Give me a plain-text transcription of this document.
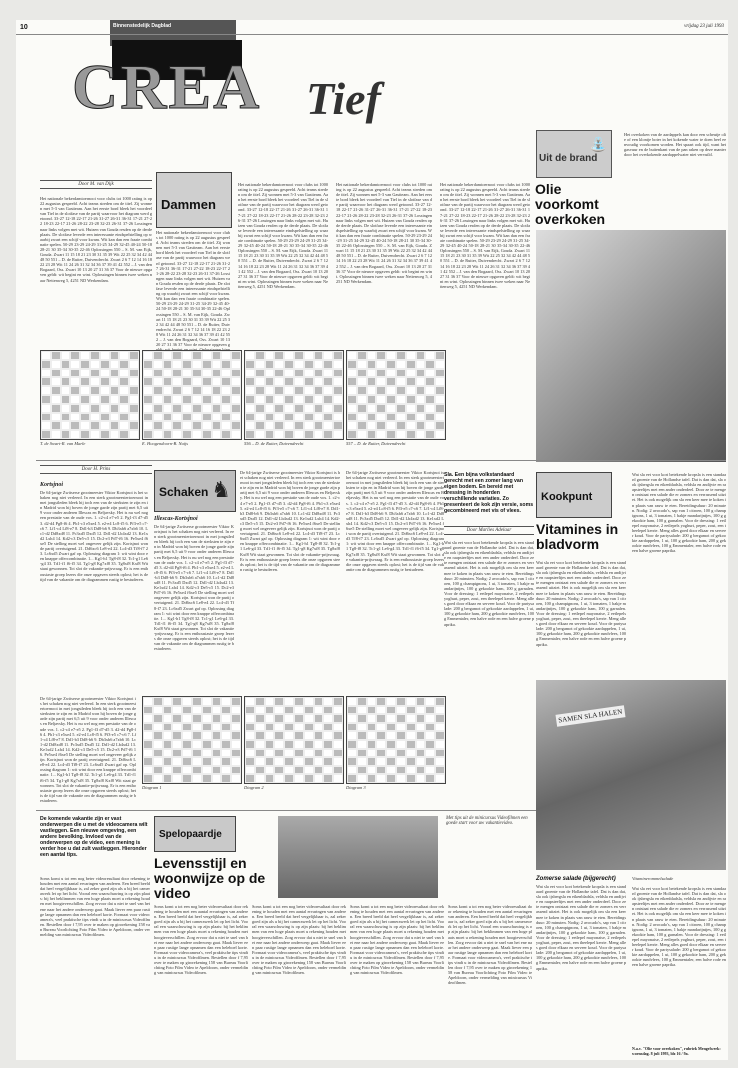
10	Binnenstedelijk Dagblad	vrijdag 23 juli 1993
CREA Tief
Uit de brand
⛲
Olie voorkomt overkoken
Het overkoken van de aardappels kan door een scheutje olie of een klontje boter in het kokende water te doen heel eenvoudig voorkomen worden. Het spaart ook tijd, want het gasvuur en de buitenkant van de pan raken op deze manier door het overkokende aardappelwater niet vervuild.
Door M. van Dijk
Dammen
Het nationale bekerdamtoernooi voor clubs tot 1000 rating is op 22 augustus gespeeld. Acht teams streden om de titel. Zij wonnen met 5-3 van Gastteam. Aan het eerste bord bleek het voordeel van Tiel in de slotfase van de partij waarvoor het diagram werd getoond. 33-27 12-18 22-17 21-26 31-27 26-31 36-31 17-21 27-22 18-23 22-17 21-26 28-22 23-28 32-23 26-31 37-26 Lossingen naar links volgen met wit. Huizen van Gouda resden op de derde plaats. De slotfase leverde een interessante eindspelstelling op waarbij zwart een schijf voor kwam. Wit kan dan een fraaie combinatie spelen. 50-29 23-29 24-29 31-25 34-29 32-45 40-24 50-18 28-21 30 35-34 30-35 22-46 Oplossingen 550 – S. M. van Eijk, Gouda. Zwart 11 15 18 21 23 30 31 35 39 Wit 22 25 32 34 42 44 48 50 551 – D. de Ruiter, Duivendrecht. Zwart 2 6 7 12 14 16 18 22 23 28 Wit 11 24 26 31 32 34 36 37 39 41 42 552 – J. van den Bogaard, Oss. Zwart 10 13 20 27 31 36 37 Voor de nieuwe opgaven geldt: wit begint en wint. Oplossingen binnen twee weken naar Nettenweg 5, 4251 ND Werkendam.
Het nationale bekerdamtoernooi voor clubs tot 1000 rating is op 22 augustus gespeeld. Acht teams streden om de titel. Zij wonnen met 5-3 van Gastteam. Aan het eerste bord bleek het voordeel van Tiel in de slotfase van de partij waarvoor het diagram werd getoond. 33-27 12-18 22-17 21-26 31-27 26-31 36-31 17-21 27-22 18-23 22-17 21-26 28-22 23-28 32-23 26-31 37-26 Lossingen naar links volgen met wit. Huizen van Gouda resden op de derde plaats. De slotfase leverde een interessante eindspelstelling op waarbij zwart een schijf voor kwam. Wit kan dan een fraaie combinatie spelen. 50-29 23-29 24-29 31-25 34-29 32-45 40-24 50-18 28-21 30 35-34 30-35 22-46 Oplossingen 550 – S. M. van Eijk, Gouda. Zwart 11 15 18 21 23 30 31 35 39 Wit 22 25 32 34 42 44 48 50 551 – D. de Ruiter, Duivendrecht. Zwart 2 6 7 12 14 16 18 22 23 28 Wit 11 24 26 31 32 34 36 37 39 41 42 552 – J. van den Bogaard, Oss. Zwart 10 13 20 27 31 36 37 Voor de nieuwe opgaven g
Het nationale bekerdamtoernooi voor clubs tot 1000 rating is op 22 augustus gespeeld. Acht teams streden om de titel. Zij wonnen met 5-3 van Gastteam. Aan het eerste bord bleek het voordeel van Tiel in de slotfase van de partij waarvoor het diagram werd getoond. 33-27 12-18 22-17 21-26 31-27 26-31 36-31 17-21 27-22 18-23 22-17 21-26 28-22 23-28 32-23 26-31 37-26 Lossingen naar links volgen met wit. Huizen van Gouda resden op de derde plaats. De slotfase leverde een interessante eindspelstelling op waarbij zwart een schijf voor kwam. Wit kan dan een fraaie combinatie spelen. 50-29 23-29 24-29 31-25 34-29 32-45 40-24 50-18 28-21 30 35-34 30-35 22-46 Oplossingen 550 – S. M. van Eijk, Gouda. Zwart 11 15 18 21 23 30 31 35 39 Wit 22 25 32 34 42 44 48 50 551 – D. de Ruiter, Duivendrecht. Zwart 2 6 7 12 14 16 18 22 23 28 Wit 11 24 26 31 32 34 36 37 39 41 42 552 – J. van den Bogaard, Oss. Zwart 10 13 20 27 31 36 37 Voor de nieuwe opgaven geldt: wit begint en wint. Oplossingen binnen twee weken naar Nettenweg 5, 4251 ND Werkendam.
Het nationale bekerdamtoernooi voor clubs tot 1000 rating is op 22 augustus gespeeld. Acht teams streden om de titel. Zij wonnen met 5-3 van Gastteam. Aan het eerste bord bleek het voordeel van Tiel in de slotfase van de partij waarvoor het diagram werd getoond. 33-27 12-18 22-17 21-26 31-27 26-31 36-31 17-21 27-22 18-23 22-17 21-26 28-22 23-28 32-23 26-31 37-26 Lossingen naar links volgen met wit. Huizen van Gouda resden op de derde plaats. De slotfase leverde een interessante eindspelstelling op waarbij zwart een schijf voor kwam. Wit kan dan een fraaie combinatie spelen. 50-29 23-29 24-29 31-25 34-29 32-45 40-24 50-18 28-21 30 35-34 30-35 22-46 Oplossingen 550 – S. M. van Eijk, Gouda. Zwart 11 15 18 21 23 30 31 35 39 Wit 22 25 32 34 42 44 48 50 551 – D. de Ruiter, Duivendrecht. Zwart 2 6 7 12 14 16 18 22 23 28 Wit 11 24 26 31 32 34 36 37 39 41 42 552 – J. van den Bogaard, Oss. Zwart 10 13 20 27 31 36 37 Voor de nieuwe opgaven geldt: wit begint en wint. Oplossingen binnen twee weken naar Nettenweg 5, 4251 ND Werkendam.
Het nationale bekerdamtoernooi voor clubs tot 1000 rating is op 22 augustus gespeeld. Acht teams streden om de titel. Zij wonnen met 5-3 van Gastteam. Aan het eerste bord bleek het voordeel van Tiel in de slotfase van de partij waarvoor het diagram werd getoond. 33-27 12-18 22-17 21-26 31-27 26-31 36-31 17-21 27-22 18-23 22-17 21-26 28-22 23-28 32-23 26-31 37-26 Lossingen naar links volgen met wit. Huizen van Gouda resden op de derde plaats. De slotfase leverde een interessante eindspelstelling op waarbij zwart een schijf voor kwam. Wit kan dan een fraaie combinatie spelen. 50-29 23-29 24-29 31-25 34-29 32-45 40-24 50-18 28-21 30 35-34 30-35 22-46 Oplossingen 550 – S. M. van Eijk, Gouda. Zwart 11 15 18 21 23 30 31 35 39 Wit 22 25 32 34 42 44 48 50 551 – D. de Ruiter, Duivendrecht. Zwart 2 6 7 12 14 16 18 22 23 28 Wit 11 24 26 31 32 34 36 37 39 41 42 552 – J. van den Bogaard, Oss. Zwart 10 13 20 27 31 36 37 Voor de nieuwe opgaven geldt: wit begint en wint. Oplossingen binnen twee weken naar Nettenweg 5, 4251 ND Werkendam.
T. de Swart-R. van Marle	E. Hoogendoorn-B. Nuijs	556 – D. de Ruiter, Duivendrecht	557 – D. de Ruiter, Duivendrecht
Door H. Prins
Schaken ♞
Kortsjnoi
De 64-jarige Zwitserse grootmeester Viktor Kortsjnoi is het schaken nog niet verleerd. In een sterk grootmeestertoernooi in mei jongstleden bleek hij toch een van de sterksten te zijn en in Madrid won hij boven de jonge garde zijn partij met 6,5 uit 9 voor onder anderen Illescas en Beljavsky. Het is nu wel nog een prestatie van de oude vos. 1. c2-c4 e7-e5 2. Pg1-f3 d7-d5 3. d2-d4 Pg8-f6 4. Pb1-c3 e5xe4 5. e2-e4 Lc8-f5 6. Pf3-e5 c7-c6 7. Lf1-c4 Lf8-e7 8. Dd1-b3 Dd8-b6 9. Db3xb6 a7xb6 10. Lc1-d2 Dd8xd8 11. Pc3xd5 Dxd5 12. Dd1-d2 Lb4xd2 13. Ke1xd2 Lxh4 14. Kd2-c3 De5-c5 15. Dc2-e3 Pd7-f6 16. Pe5xe4 f6xe5 De stelling moet wel ongeveer gelijk zijn. Kortsjnoi won de partij overtuigend. 21. Dd6xc6 Le8-e4 22. Lc4-d3 Tf8-f7 23. Lc6xd5 Zwart gaf op. Oplossing diagram 1: wit wint door een knappe offercombinatie. 1... Kg1-h1 Tg8-f8 32. Tc1-g1 Le6-g4 33. Td1-f1 f6-f5 34. Tg1-g8 Kg7xf8 35. Tg8xf8 Kxf8 Wit staat gewonnen. Tot slot de vakantie-prijsvraag. Er is een enthousiaste groep lezers die onze opgaven steeds oplost; het is de tijd van de vakantie om de diagrammen rustig te bestuderen.
Illescas-Kortsjnoi
De 64-jarige Zwitserse grootmeester Viktor Kortsjnoi is het schaken nog niet verleerd. In een sterk grootmeestertoernooi in mei jongstleden bleek hij toch een van de sterksten te zijn en in Madrid won hij boven de jonge garde zijn partij met 6,5 uit 9 voor onder anderen Illescas en Beljavsky. Het is nu wel nog een prestatie van de oude vos. 1. c2-c4 e7-e5 2. Pg1-f3 d7-d5 3. d2-d4 Pg8-f6 4. Pb1-c3 e5xe4 5. e2-e4 Lc8-f5 6. Pf3-e5 c7-c6 7. Lf1-c4 Lf8-e7 8. Dd1-b3 Dd8-b6 9. Db3xb6 a7xb6 10. Lc1-d2 Dd8xd8 11. Pc3xd5 Dxd5 12. Dd1-d2 Lb4xd2 13. Ke1xd2 Lxh4 14. Kd2-c3 De5-c5 15. Dc2-e3 Pd7-f6 16. Pe5xe4 f6xe5 De stelling moet wel ongeveer gelijk zijn. Kortsjnoi won de partij overtuigend. 21. Dd6xc6 Le8-e4 22. Lc4-d3 Tf8-f7 23. Lc6xd5 Zwart gaf op. Oplossing diagram 1: wit wint door een knappe offercombinatie. 1... Kg1-h1 Tg8-f8 32. Tc1-g1 Le6-g4 33. Td1-f1 f6-f5 34. Tg1-g8 Kg7xf8 35. Tg8xf8 Kxf8 Wit staat gewonnen. Tot slot de vakantie-prijsvraag. Er is een enthousiaste groep lezers die onze opgaven steeds oplost; het is de tijd van de vakantie om de diagrammen rustig te bestuderen.
De 64-jarige Zwitserse grootmeester Viktor Kortsjnoi is het schaken nog niet verleerd. In een sterk grootmeestertoernooi in mei jongstleden bleek hij toch een van de sterksten te zijn en in Madrid won hij boven de jonge garde zijn partij met 6,5 uit 9 voor onder anderen Illescas en Beljavsky. Het is nu wel nog een prestatie van de oude vos. 1. c2-c4 e7-e5 2. Pg1-f3 d7-d5 3. d2-d4 Pg8-f6 4. Pb1-c3 e5xe4 5. e2-e4 Lc8-f5 6. Pf3-e5 c7-c6 7. Lf1-c4 Lf8-e7 8. Dd1-b3 Dd8-b6 9. Db3xb6 a7xb6 10. Lc1-d2 Dd8xd8 11. Pc3xd5 Dxd5 12. Dd1-d2 Lb4xd2 13. Ke1xd2 Lxh4 14. Kd2-c3 De5-c5 15. Dc2-e3 Pd7-f6 16. Pe5xe4 f6xe5 De stelling moet wel ongeveer gelijk zijn. Kortsjnoi won de partij overtuigend. 21. Dd6xc6 Le8-e4 22. Lc4-d3 Tf8-f7 23. Lc6xd5 Zwart gaf op. Oplossing diagram 1: wit wint door een knappe offercombinatie. 1... Kg1-h1 Tg8-f8 32. Tc1-g1 Le6-g4 33. Td1-f1 f6-f5 34. Tg1-g8 Kg7xf8 35. Tg8xf8 Kxf8 Wit staat gewonnen. Tot slot de vakantie-prijsvraag. Er is een enthousiaste groep lezers die onze opgaven steeds oplost; het is de tijd van de vakantie om de diagrammen rustig te bestuderen.
De 64-jarige Zwitserse grootmeester Viktor Kortsjnoi is het schaken nog niet verleerd. In een sterk grootmeestertoernooi in mei jongstleden bleek hij toch een van de sterksten te zijn en in Madrid won hij boven de jonge garde zijn partij met 6,5 uit 9 voor onder anderen Illescas en Beljavsky. Het is nu wel nog een prestatie van de oude vos. 1. c2-c4 e7-e5 2. Pg1-f3 d7-d5 3. d2-d4 Pg8-f6 4. Pb1-c3 e5xe4 5. e2-e4 Lc8-f5 6. Pf3-e5 c7-c6 7. Lf1-c4 Lf8-e7 8. Dd1-b3 Dd8-b6 9. Db3xb6 a7xb6 10. Lc1-d2 Dd8xd8 11. Pc3xd5 Dxd5 12. Dd1-d2 Lb4xd2 13. Ke1xd2 Lxh4 14. Kd2-c3 De5-c5 15. Dc2-e3 Pd7-f6 16. Pe5xe4 f6xe5 De stelling moet wel ongeveer gelijk zijn. Kortsjnoi won de partij overtuigend. 21. Dd6xc6 Le8-e4 22. Lc4-d3 Tf8-f7 23. Lc6xd5 Zwart gaf op. Oplossing diagram 1: wit wint door een knappe offercombinatie. 1... Kg1-h1 Tg8-f8 32. Tc1-g1 Le6-g4 33. Td1-f1 f6-f5 34. Tg1-g8 Kg7xf8 35. Tg8xf8 Kxf8 Wit staat gewonnen. Tot slot de vakantie-prijsvraag. Er is een enthousiaste groep lezers die onze opgaven steeds oplost; het is de tijd van de vakantie om de diagrammen rustig te bestuderen.
Diagram 1	Diagram 2	Diagram 3
De 64-jarige Zwitserse grootmeester Viktor Kortsjnoi is het schaken nog niet verleerd. In een sterk grootmeestertoernooi in mei jongstleden bleek hij toch een van de sterksten te zijn en in Madrid won hij boven de jonge garde zijn partij met 6,5 uit 9 voor onder anderen Illescas en Beljavsky. Het is nu wel nog een prestatie van de oude vos. 1. c2-c4 e7-e5 2. Pg1-f3 d7-d5 3. d2-d4 Pg8-f6 4. Pb1-c3 e5xe4 5. e2-e4 Lc8-f5 6. Pf3-e5 c7-c6 7. Lf1-c4 Lf8-e7 8. Dd1-b3 Dd8-b6 9. Db3xb6 a7xb6 10. Lc1-d2 Dd8xd8 11. Pc3xd5 Dxd5 12. Dd1-d2 Lb4xd2 13. Ke1xd2 Lxh4 14. Kd2-c3 De5-c5 15. Dc2-e3 Pd7-f6 16. Pe5xe4 f6xe5 De stelling moet wel ongeveer gelijk zijn. Kortsjnoi won de partij overtuigend. 21. Dd6xc6 Le8-e4 22. Lc4-d3 Tf8-f7 23. Lc6xd5 Zwart gaf op. Oplossing diagram 1: wit wint door een knappe offercombinatie. 1... Kg1-h1 Tg8-f8 32. Tc1-g1 Le6-g4 33. Td1-f1 f6-f5 34. Tg1-g8 Kg7xf8 35. Tg8xf8 Kxf8 Wit staat gewonnen. Tot slot de vakantie-prijsvraag. Er is een enthousiaste groep lezers die onze opgaven steeds oplost; het is de tijd van de vakantie om de diagrammen rustig te bestuderen.
Sla. Een bijna volkstandaard gerecht met een zomer lang van eigen bodem. En bereid met dressing in honderden verschillende variaties. Zo presenteert de kok zijn versie, soms gecombineerd met vis of vlees.
Door Marlies Adelaar
Wat sla eet voor kort betekende kropsla is een standaard groente van de Hollandse tafel. Dat is dan dat, sla ook ijsbergsla en eikenbladsla, veldsla en andijvie en raapsteeltjes met een ander onderdeel. Door ze te mengen ontstaat een salade die er zomers en verrassend uitziet. Het is ook mogelijk om sla een keer mee te koken in plaats van rauw te eten. Bereidingsduur: 20 minuten. Nodig: 2 avocado's, sap van 1 citroen, 100 g champignons, 1 ui, 3 tomaten, 1 bakje mandarijntjes, 100 g gekookte ham, 100 g garnalen. Voor de dressing: 1 eetlepel mayonaise, 2 eetlepels yoghurt, peper, zout, een theelepel kerrie. Meng alles goed door elkaar en serveer koud. Voor de partysalade: 200 g bergamot of gekookte aardappelen, 1 ui, 100 g gekookte ham, 200 g gekookte rundvlees, 100 g Emmentaler, een halve rode en een halve groene paprika.
Kookpunt
Vitamines in bladvorm
Wat sla eet voor kort betekende kropsla is een standaard groente van de Hollandse tafel. Dat is dan dat, sla ook ijsbergsla en eikenbladsla, veldsla en andijvie en raapsteeltjes met een ander onderdeel. Door ze te mengen ontstaat een salade die er zomers en verrassend uitziet. Het is ook mogelijk om sla een keer mee te koken in plaats van rauw te eten. Bereidingsduur: 20 minuten. Nodig: 2 avocado's, sap van 1 citroen, 100 g champignons, 1 ui, 3 tomaten, 1 bakje mandarijntjes, 100 g gekookte ham, 100 g garnalen. Voor de dressing: 1 eetlepel mayonaise, 2 eetlepels yoghurt, peper, zout, een theelepel kerrie. Meng alles goed door elkaar en serveer koud. Voor de partysalade: 200 g bergamot of gekookte aardappelen, 1 ui, 100 g gekookte ham, 200 g gekookte rundvlees, 100 g Emmentaler, een halve rode en een halve groene paprika.
Wat sla eet voor kort betekende kropsla is een standaard groente van de Hollandse tafel. Dat is dan dat, sla ook ijsbergsla en eikenbladsla, veldsla en andijvie en raapsteeltjes met een ander onderdeel. Door ze te mengen ontstaat een salade die er zomers en verrassend uitziet. Het is ook mogelijk om sla een keer mee te koken in plaats van rauw te eten. Bereidingsduur: 20 minuten. Nodig: 2 avocado's, sap van 1 citroen, 100 g champignons, 1 ui, 3 tomaten, 1 bakje mandarijntjes, 100 g gekookte ham, 100 g garnalen. Voor de dressing: 1 eetlepel mayonaise, 2 eetlepels yoghurt, peper, zout, een theelepel kerrie. Meng alles goed door elkaar en serveer koud. Voor de partysalade: 200 g bergamot of gekookte aardappelen, 1 ui, 100 g gekookte ham, 200 g gekookte rundvlees, 100 g Emmentaler, een halve rode en een halve groene paprika.
SAMEN SLA HALEN
Zomerse salade (bijgerecht)
Wat sla eet voor kort betekende kropsla is een standaard groente van de Hollandse tafel. Dat is dan dat, sla ook ijsbergsla en eikenbladsla, veldsla en andijvie en raapsteeltjes met een ander onderdeel. Door ze te mengen ontstaat een salade die er zomers en verrassend uitziet. Het is ook mogelijk om sla een keer mee te koken in plaats van rauw te eten. Bereidingsduur: 20 minuten. Nodig: 2 avocado's, sap van 1 citroen, 100 g champignons, 1 ui, 3 tomaten, 1 bakje mandarijntjes, 100 g gekookte ham, 100 g garnalen. Voor de dressing: 1 eetlepel mayonaise, 2 eetlepels yoghurt, peper, zout, een theelepel kerrie. Meng alles goed door elkaar en serveer koud. Voor de partysalade: 200 g bergamot of gekookte aardappelen, 1 ui, 100 g gekookte ham, 200 g gekookte rundvlees, 100 g Emmentaler, een halve rode en een halve groene paprika.
Vitaminerommelsalade
Wat sla eet voor kort betekende kropsla is een standaard groente van de Hollandse tafel. Dat is dan dat, sla ook ijsbergsla en eikenbladsla, veldsla en andijvie en raapsteeltjes met een ander onderdeel. Door ze te mengen ontstaat een salade die er zomers en verrassend uitziet. Het is ook mogelijk om sla een keer mee te koken in plaats van rauw te eten. Bereidingsduur: 20 minuten. Nodig: 2 avocado's, sap van 1 citroen, 100 g champignons, 1 ui, 3 tomaten, 1 bakje mandarijntjes, 100 g gekookte ham, 100 g garnalen. Voor de dressing: 1 eetlepel mayonaise, 2 eetlepels yoghurt, peper, zout, een theelepel kerrie. Meng alles goed door elkaar en serveer koud. Voor de partysalade: 200 g bergamot of gekookte aardappelen, 1 ui, 100 g gekookte ham, 200 g gekookte rundvlees, 100 g Emmentaler, een halve rode en een halve groene paprika.
De komende vakantie zijn er vast onderwerpen die u met de videocamera wilt vastleggen. Een nieuwe omgeving, een andere bevolking. Invloed van de onderwerpen op de video, een mening is verder hoe u dat zult vastleggen. Hieronder een aantal tips.
Soms komt u tot een nog beter videoresultaat door rekening te houden met een aantal ervaringen van anderen. Een breed beeld dat heel vergelijkbaar is, zal zeker goed zijn als u bij het camerawerk let op het licht. Vooral een waarschuwing is op zijn plaats: bij het beklimmen van een hoge plaats moet u rekening houden met hoogteverschillen. Zorg ervoor dat u niet te snel van het ene naar het andere onderwerp gaat. Maak liever een paar rustige lange opnamen dan een heleboel korte. Formaat voor videocamera's, veel praktische tips vindt u in de minicursus Videofilmen. Bestellen door f 7,95 over te maken op girorekening 158 van Bureau Voorlichting Foto Film Video te Apeldoorn, onder vermelding van minicursus Videofilmen.
Spelopaardje
Levensstijl en woonwijze op de video
Met tips uit de minicursus Videofilmen een goede start voor uw vakantievideo.
Soms komt u tot een nog beter videoresultaat door rekening te houden met een aantal ervaringen van anderen. Een breed beeld dat heel vergelijkbaar is, zal zeker goed zijn als u bij het camerawerk let op het licht. Vooral een waarschuwing is op zijn plaats: bij het beklimmen van een hoge plaats moet u rekening houden met hoogteverschillen. Zorg ervoor dat u niet te snel van het ene naar het andere onderwerp gaat. Maak liever een paar rustige lange opnamen dan een heleboel korte. Formaat voor videocamera's, veel praktische tips vindt u in de minicursus Videofilmen. Bestellen door f 7,95 over te maken op girorekening 158 van Bureau Voorlichting Foto Film Video te Apeldoorn, onder vermelding van minicursus Videofilmen.
Soms komt u tot een nog beter videoresultaat door rekening te houden met een aantal ervaringen van anderen. Een breed beeld dat heel vergelijkbaar is, zal zeker goed zijn als u bij het camerawerk let op het licht. Vooral een waarschuwing is op zijn plaats: bij het beklimmen van een hoge plaats moet u rekening houden met hoogteverschillen. Zorg ervoor dat u niet te snel van het ene naar het andere onderwerp gaat. Maak liever een paar rustige lange opnamen dan een heleboel korte. Formaat voor videocamera's, veel praktische tips vindt u in de minicursus Videofilmen. Bestellen door f 7,95 over te maken op girorekening 158 van Bureau Voorlichting Foto Film Video te Apeldoorn, onder vermelding van minicursus Videofilmen.
Soms komt u tot een nog beter videoresultaat door rekening te houden met een aantal ervaringen van anderen. Een breed beeld dat heel vergelijkbaar is, zal zeker goed zijn als u bij het camerawerk let op het licht. Vooral een waarschuwing is op zijn plaats: bij het beklimmen van een hoge plaats moet u rekening houden met hoogteverschillen. Zorg ervoor dat u niet te snel van het ene naar het andere onderwerp gaat. Maak liever een paar rustige lange opnamen dan een heleboel korte. Formaat voor videocamera's, veel praktische tips vindt u in de minicursus Videofilmen. Bestellen door f 7,95 over te maken op girorekening 158 van Bureau Voorlichting Foto Film Video te Apeldoorn, onder vermelding van minicursus Videofilmen.
Soms komt u tot een nog beter videoresultaat door rekening te houden met een aantal ervaringen van anderen. Een breed beeld dat heel vergelijkbaar is, zal zeker goed zijn als u bij het camerawerk let op het licht. Vooral een waarschuwing is op zijn plaats: bij het beklimmen van een hoge plaats moet u rekening houden met hoogteverschillen. Zorg ervoor dat u niet te snel van het ene naar het andere onderwerp gaat. Maak liever een paar rustige lange opnamen dan een heleboel korte. Formaat voor videocamera's, veel praktische tips vindt u in de minicursus Videofilmen. Bestellen door f 7,95 over te maken op girorekening 158 van Bureau Voorlichting Foto Film Video te Apeldoorn, onder vermelding van minicursus Videofilmen.
N.a.v. "Olie voor overkoken", rubriek Mengelwerk: woensdag. 8 juli 1993, blz 16 / 9a.
